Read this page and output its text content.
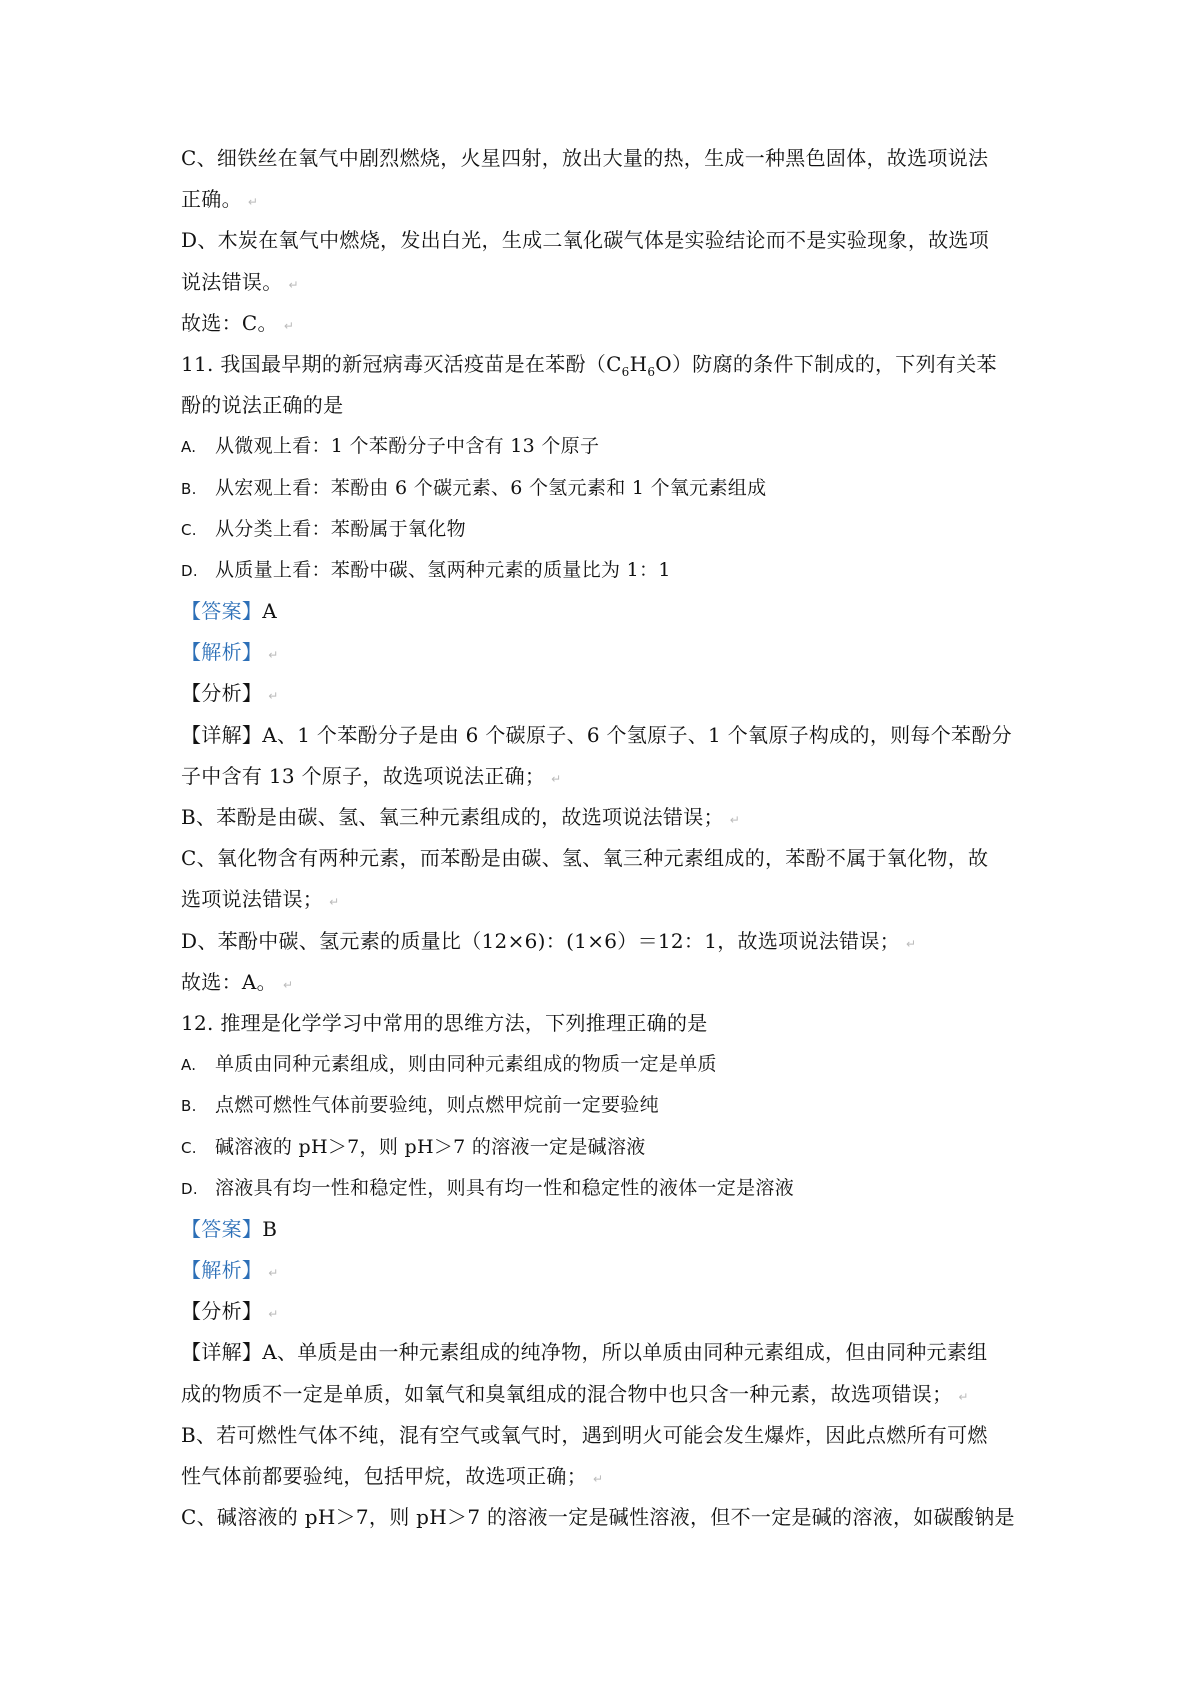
C、细铁丝在氧气中剧烈燃烧，火星四射，放出大量的热，生成一种黑色固体，故选项说法
正确。 ↵
D、木炭在氧气中燃烧，发出白光，生成二氧化碳气体是实验结论而不是实验现象，故选项
说法错误。 ↵
故选：C。 ↵
11. 我国最早期的新冠病毒灭活疫苗是在苯酚$(C_6H_6O)$防腐的条件下制成的，下列有关苯
酚的说法正确的是
A. 从微观上看：1 个苯酚分子中含有 13 个原子
B. 从宏观上看：苯酚由 6 个碳元素、6 个氢元素和 1 个氧元素组成
C. 从分类上看：苯酚属于氧化物
D. 从质量上看：苯酚中碳、氢两种元素的质量比为 1：1
【答案】A
【解析】 ↵
【分析】 ↵
【详解】A、1 个苯酚分子是由 6 个碳原子、6 个氢原子、1 个氧原子构成的，则每个苯酚分
子中含有 13 个原子，故选项说法正确； ↵
B、苯酚是由碳、氢、氧三种元素组成的，故选项说法错误； ↵
C、氧化物含有两种元素，而苯酚是由碳、氢、氧三种元素组成的，苯酚不属于氧化物，故
选项说法错误； ↵
D、苯酚中碳、氢元素的质量比（12×6)：(1×6）＝12：1，故选项说法错误； ↵
故选：A。 ↵
12. 推理是化学学习中常用的思维方法，下列推理正确的是
A. 单质由同种元素组成，则由同种元素组成的物质一定是单质
B. 点燃可燃性气体前要验纯，则点燃甲烷前一定要验纯
C. 碱溶液的 pH＞7，则 pH＞7 的溶液一定是碱溶液
D. 溶液具有均一性和稳定性，则具有均一性和稳定性的液体一定是溶液
【答案】B
【解析】 ↵
【分析】 ↵
【详解】A、单质是由一种元素组成的纯净物，所以单质由同种元素组成，但由同种元素组
成的物质不一定是单质，如氧气和臭氧组成的混合物中也只含一种元素，故选项错误； ↵
B、若可燃性气体不纯，混有空气或氧气时，遇到明火可能会发生爆炸，因此点燃所有可燃
性气体前都要验纯，包括甲烷，故选项正确； ↵
C、碱溶液的 pH＞7，则 pH＞7 的溶液一定是碱性溶液，但不一定是碱的溶液，如碳酸钠是
